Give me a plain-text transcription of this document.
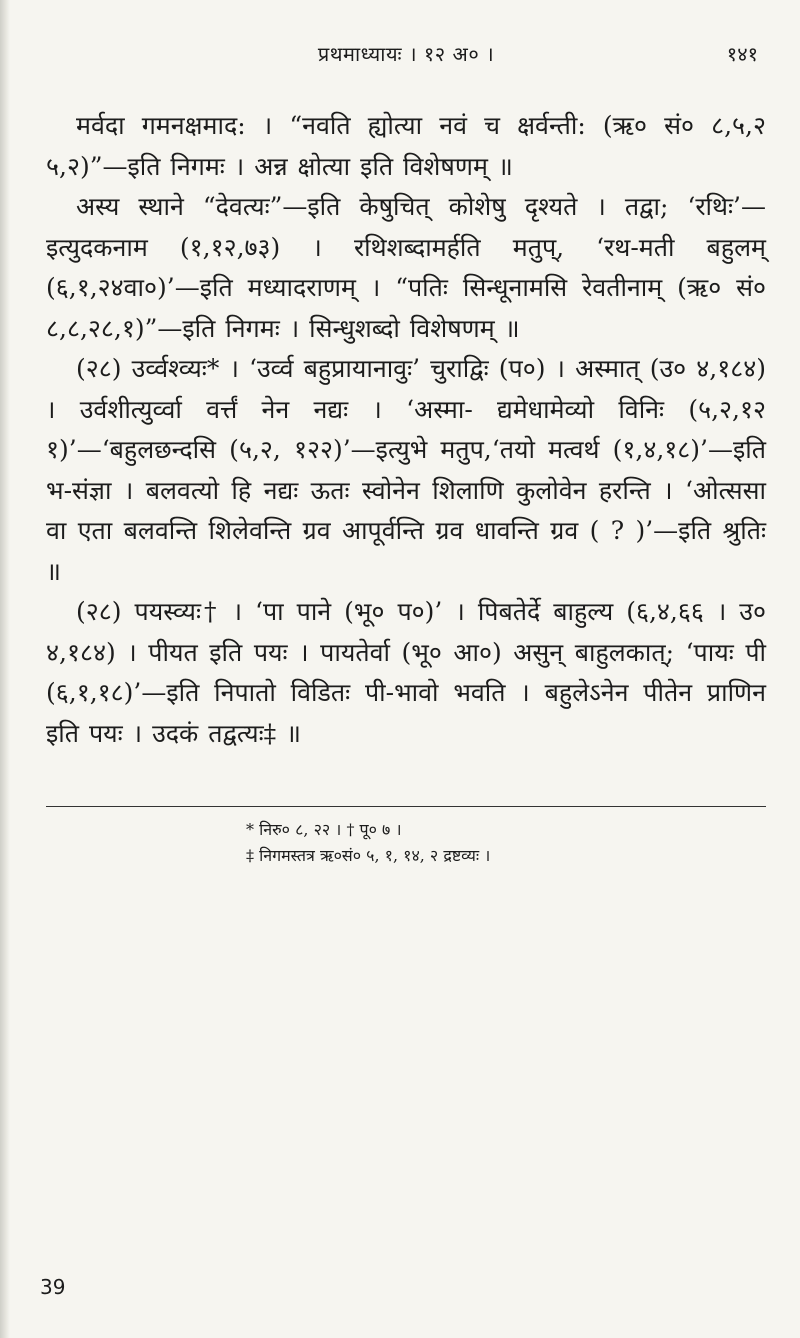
प्रथमाध्यायः । १२ अ० ।	१४१

मर्वदा गमनक्षमाद: । “नवति ह्योत्या नवं च क्षर्वन्ती: (ऋ० सं० ८,५,२ ५,२)”—इति निगमः । अन्न क्षोत्या इति विशेषणम् ॥

अस्य स्थाने “देवत्यः”—इति केषुचित् कोशेषु दृश्यते । तद्वा; ‘रथिः’—इत्युदकनाम (१,१२,७३) । रथिशब्दामर्हति मतुप्, ‘रथ-मती बहुलम् (६,१,२४वा०)’—इति मध्यादराणम् । “पतिः सिन्धूनामसि रेवतीनाम् (ऋ० सं० ८,८,२८,१)”—इति निगमः । सिन्धुशब्दो विशेषणम् ॥

(२८) उर्व्वश्व्यः* । ‘उर्व्व बहुप्रायानावुः’ चुराद्विः (प०) । अस्मात् (उ० ४,१८४) । उर्वशीत्युर्व्वा वर्त्तं नेन नद्यः । ‘अस्मा- द्यमेधामेव्यो विनिः (५,२,१२ १)’—‘बहुलछन्दसि (५,२, १२२)’—इत्युभे मतुप,‘तयो मत्वर्थ (१,४,१८)’—इति भ-संज्ञा । बलवत्यो हि नद्यः ऊतः स्वोनेन शिलाणि कुलोवेन हरन्ति । ‘ओत्ससा वा एता बलवन्ति शिलेवन्ति ग्रव आपूर्वन्ति ग्रव धावन्ति ग्रव ( ? )’—इति श्रुतिः ॥

(२८) पयस्व्यः† । ‘पा पाने (भू० प०)’ । पिबतेर्दे बाहुल्य (६,४,६६ । उ० ४,१८४) । पीयत इति पयः । पायतेर्वा (भू० आ०) असुन् बाहुलकात्; ‘पायः पी (६,१,१८)’—इति निपातो विडितः पी-भावो भवति । बहुलेऽनेन पीतेन प्राणिन इति पयः । उदकं तद्वत्यः‡ ॥

* निरु० ८, २२ । † पू० ७ ।
‡ निगमस्तत्र ऋ०सं० ५, १, १४, २ द्रष्टव्यः ।
39
